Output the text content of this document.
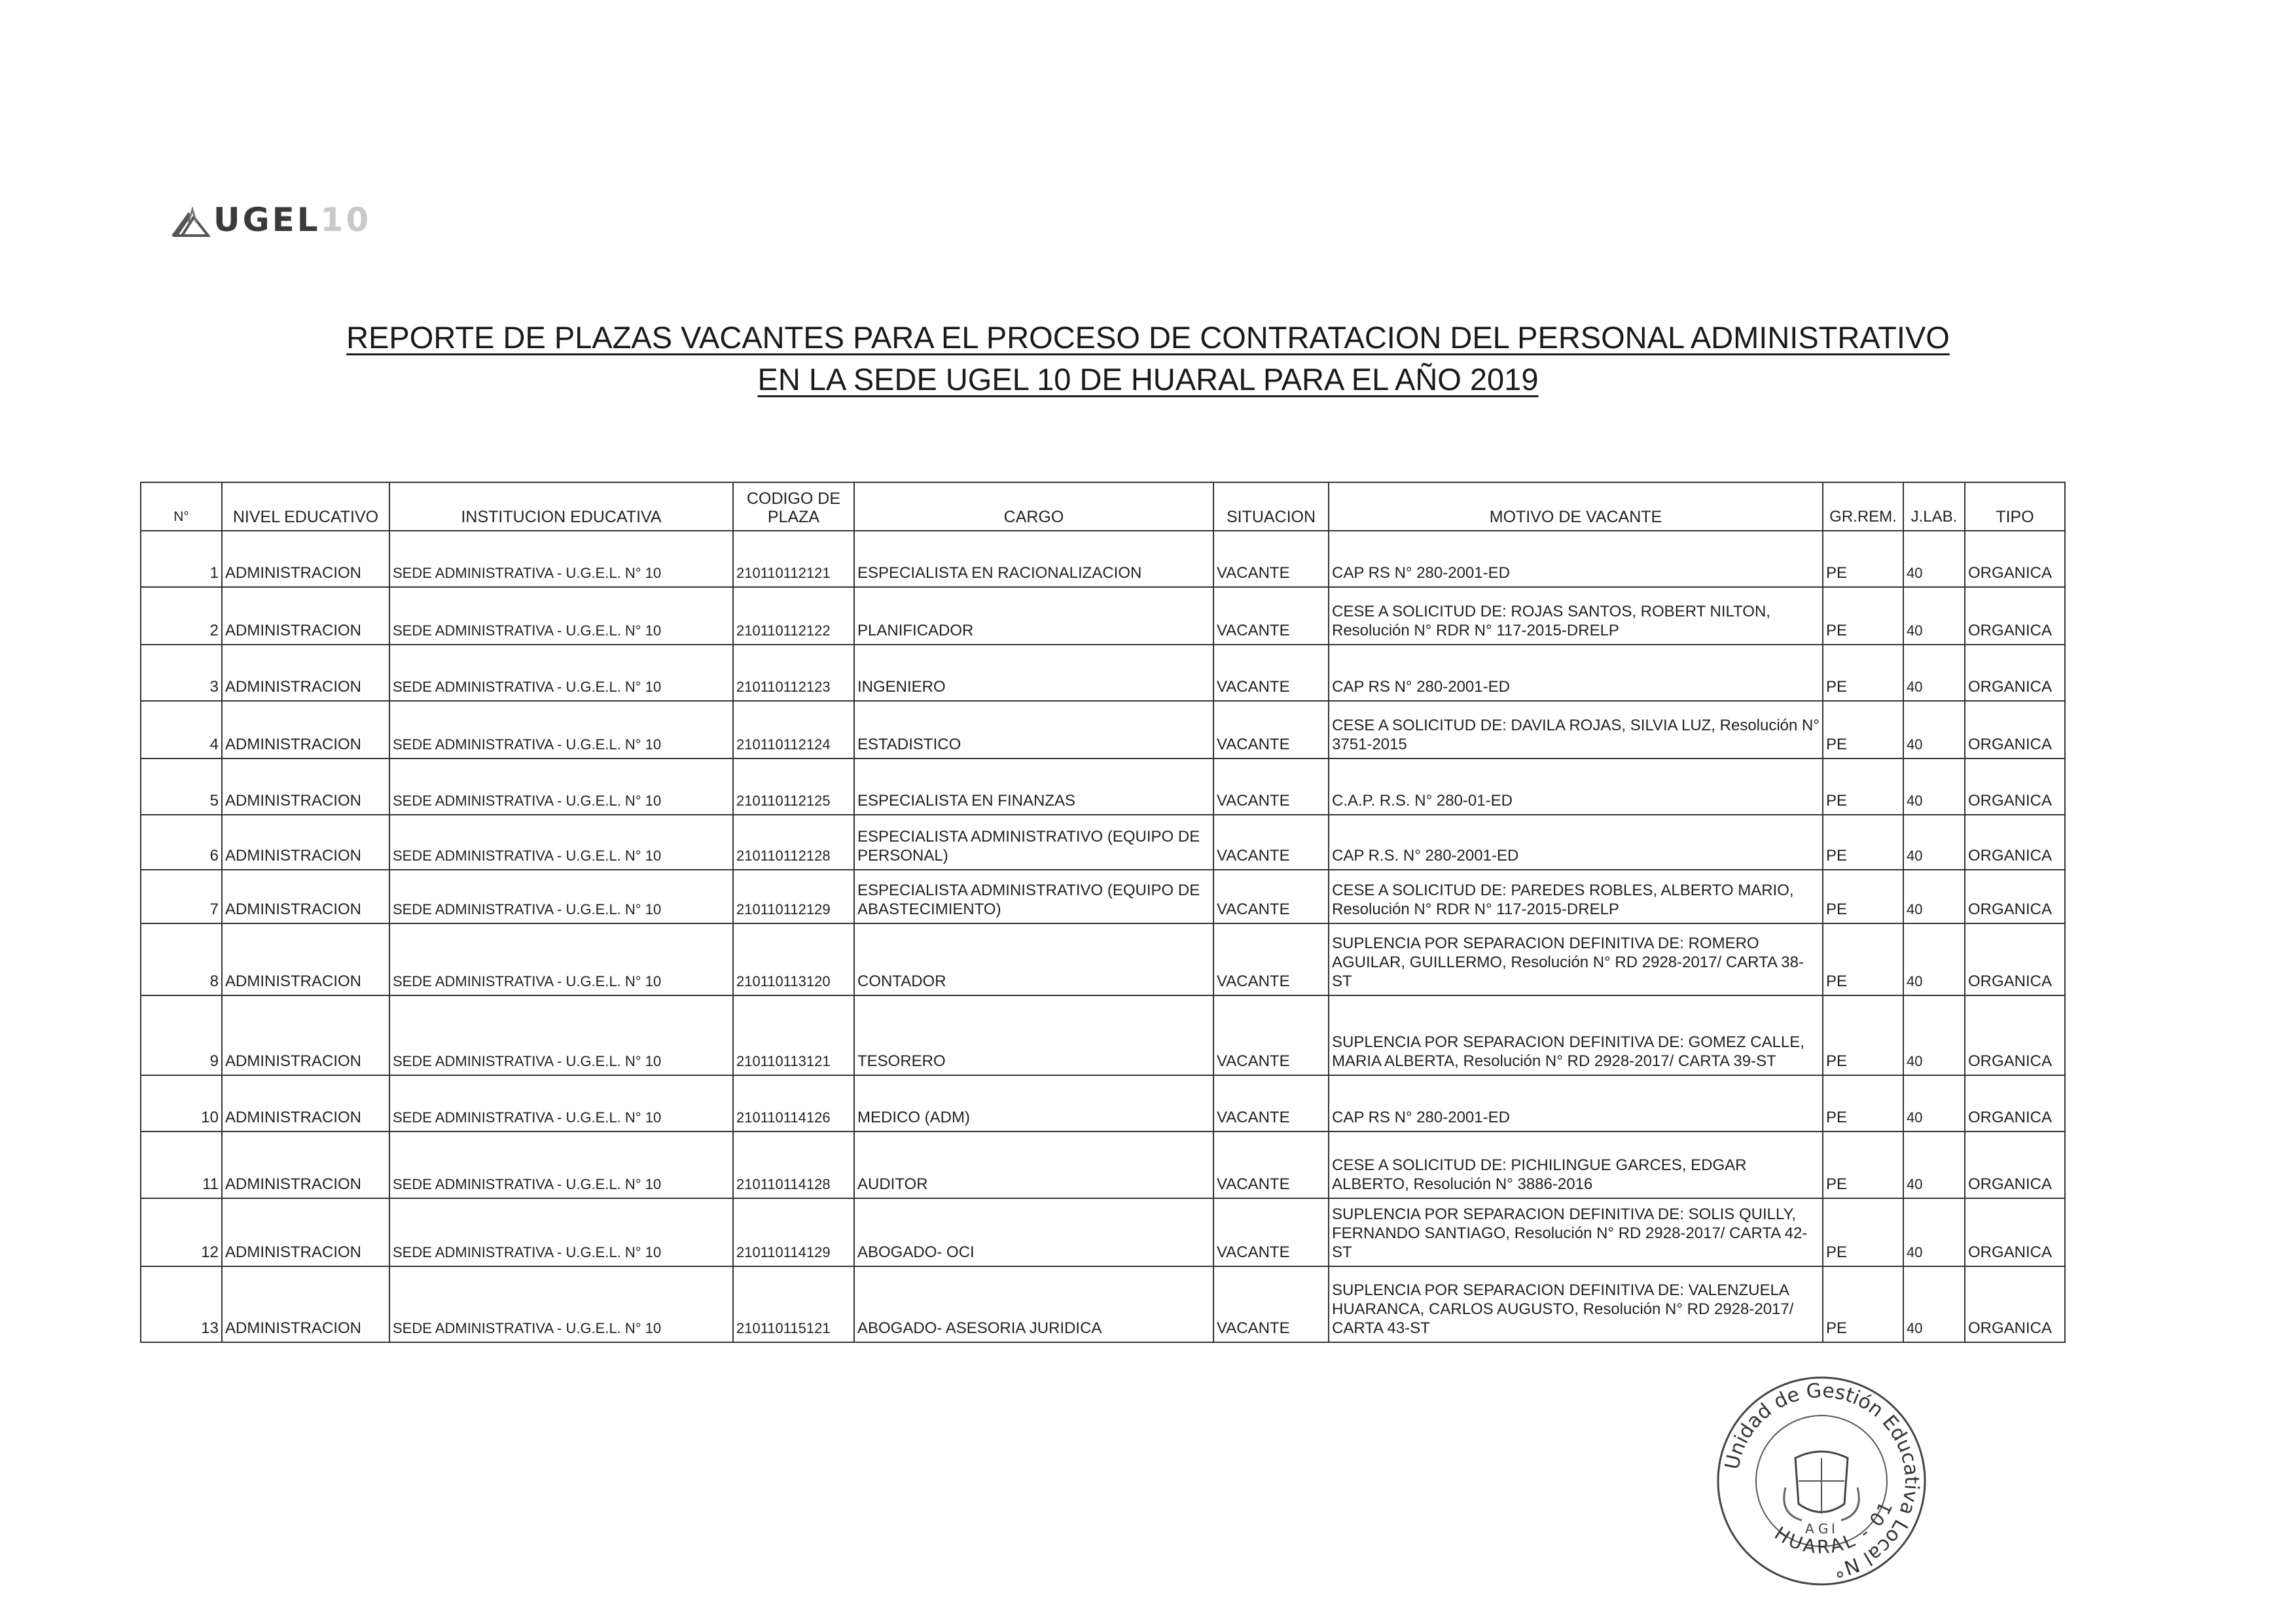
UGEL10
REPORTE DE PLAZAS VACANTES PARA EL PROCESO DE CONTRATACION DEL PERSONAL ADMINISTRATIVO
EN LA SEDE UGEL 10 DE HUARAL PARA EL AÑO 2019
N°	NIVEL EDUCATIVO	INSTITUCION EDUCATIVA	CODIGO DE PLAZA	CARGO	SITUACION	MOTIVO DE VACANTE	GR.REM.	J.LAB.	TIPO
1	ADMINISTRACION	SEDE ADMINISTRATIVA - U.G.E.L. N° 10	210110112121	ESPECIALISTA EN RACIONALIZACION	VACANTE	CAP RS N° 280-2001-ED	PE	40	ORGANICA
2	ADMINISTRACION	SEDE ADMINISTRATIVA - U.G.E.L. N° 10	210110112122	PLANIFICADOR	VACANTE	CESE A SOLICITUD DE: ROJAS SANTOS, ROBERT NILTON, Resolución N° RDR N° 117-2015-DRELP	PE	40	ORGANICA
3	ADMINISTRACION	SEDE ADMINISTRATIVA - U.G.E.L. N° 10	210110112123	INGENIERO	VACANTE	CAP RS N° 280-2001-ED	PE	40	ORGANICA
4	ADMINISTRACION	SEDE ADMINISTRATIVA - U.G.E.L. N° 10	210110112124	ESTADISTICO	VACANTE	CESE A SOLICITUD DE: DAVILA ROJAS, SILVIA LUZ, Resolución N° 3751-2015	PE	40	ORGANICA
5	ADMINISTRACION	SEDE ADMINISTRATIVA - U.G.E.L. N° 10	210110112125	ESPECIALISTA EN FINANZAS	VACANTE	C.A.P. R.S. N° 280-01-ED	PE	40	ORGANICA
6	ADMINISTRACION	SEDE ADMINISTRATIVA - U.G.E.L. N° 10	210110112128	ESPECIALISTA ADMINISTRATIVO (EQUIPO DE PERSONAL)	VACANTE	CAP R.S. N° 280-2001-ED	PE	40	ORGANICA
7	ADMINISTRACION	SEDE ADMINISTRATIVA - U.G.E.L. N° 10	210110112129	ESPECIALISTA ADMINISTRATIVO (EQUIPO DE ABASTECIMIENTO)	VACANTE	CESE A SOLICITUD DE: PAREDES ROBLES, ALBERTO MARIO, Resolución N° RDR N° 117-2015-DRELP	PE	40	ORGANICA
8	ADMINISTRACION	SEDE ADMINISTRATIVA - U.G.E.L. N° 10	210110113120	CONTADOR	VACANTE	SUPLENCIA POR SEPARACION DEFINITIVA DE: ROMERO AGUILAR, GUILLERMO, Resolución N° RD 2928-2017/ CARTA 38-ST	PE	40	ORGANICA
9	ADMINISTRACION	SEDE ADMINISTRATIVA - U.G.E.L. N° 10	210110113121	TESORERO	VACANTE	SUPLENCIA POR SEPARACION DEFINITIVA DE: GOMEZ CALLE, MARIA ALBERTA, Resolución N° RD 2928-2017/ CARTA 39-ST	PE	40	ORGANICA
10	ADMINISTRACION	SEDE ADMINISTRATIVA - U.G.E.L. N° 10	210110114126	MEDICO (ADM)	VACANTE	CAP RS N° 280-2001-ED	PE	40	ORGANICA
11	ADMINISTRACION	SEDE ADMINISTRATIVA - U.G.E.L. N° 10	210110114128	AUDITOR	VACANTE	CESE A SOLICITUD DE: PICHILINGUE GARCES, EDGAR ALBERTO, Resolución N° 3886-2016	PE	40	ORGANICA
12	ADMINISTRACION	SEDE ADMINISTRATIVA - U.G.E.L. N° 10	210110114129	ABOGADO- OCI	VACANTE	SUPLENCIA POR SEPARACION DEFINITIVA DE: SOLIS QUILLY, FERNANDO SANTIAGO, Resolución N° RD 2928-2017/ CARTA 42-ST	PE	40	ORGANICA
13	ADMINISTRACION	SEDE ADMINISTRATIVA - U.G.E.L. N° 10	210110115121	ABOGADO- ASESORIA JURIDICA	VACANTE	SUPLENCIA POR SEPARACION DEFINITIVA DE: VALENZUELA HUARANCA, CARLOS AUGUSTO, Resolución N° RD 2928-2017/ CARTA 43-ST	PE	40	ORGANICA
Unidad de Gestión Educativa Local N°
HUARAL - 01
A G I
